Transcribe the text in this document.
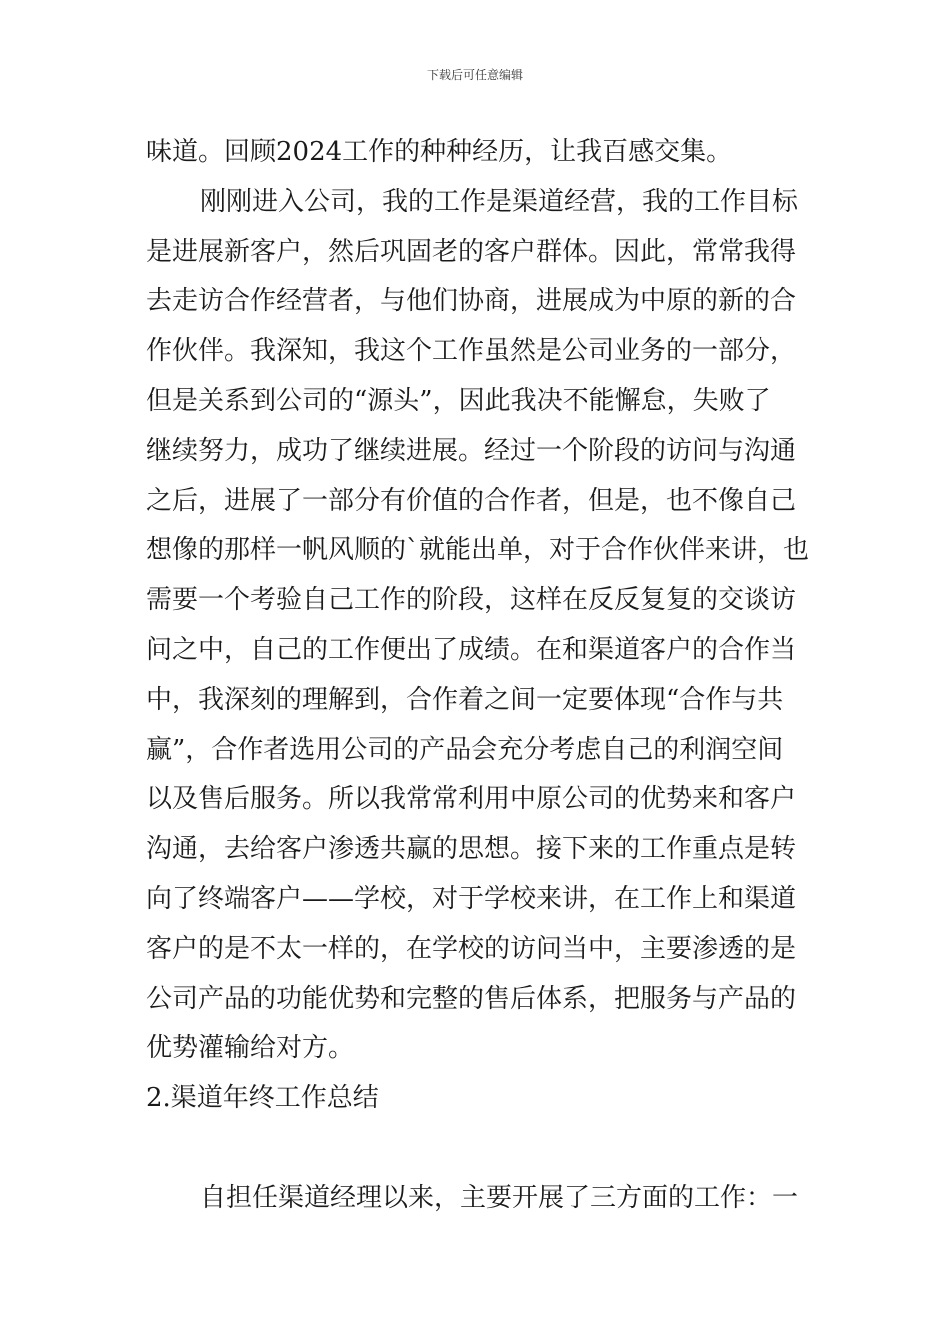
下载后可任意编辑
味道。回顾2024工作的种种经历，让我百感交集。
刚刚进入公司，我的工作是渠道经营，我的工作目标
是进展新客户，然后巩固老的客户群体。因此，常常我得
去走访合作经营者，与他们协商，进展成为中原的新的合
作伙伴。我深知，我这个工作虽然是公司业务的一部分，
但是关系到公司的“源头”，因此我决不能懈怠，失败了
继续努力，成功了继续进展。经过一个阶段的访问与沟通
之后，进展了一部分有价值的合作者，但是，也不像自己
想像的那样一帆风顺的`就能出单，对于合作伙伴来讲，也
需要一个考验自己工作的阶段，这样在反反复复的交谈访
问之中，自己的工作便出了成绩。在和渠道客户的合作当
中，我深刻的理解到，合作着之间一定要体现“合作与共
赢”，合作者选用公司的产品会充分考虑自己的利润空间
以及售后服务。所以我常常利用中原公司的优势来和客户
沟通，去给客户渗透共赢的思想。接下来的工作重点是转
向了终端客户——学校，对于学校来讲，在工作上和渠道
客户的是不太一样的，在学校的访问当中，主要渗透的是
公司产品的功能优势和完整的售后体系，把服务与产品的
优势灌输给对方。
2.渠道年终工作总结
自担任渠道经理以来，主要开展了三方面的工作：一
